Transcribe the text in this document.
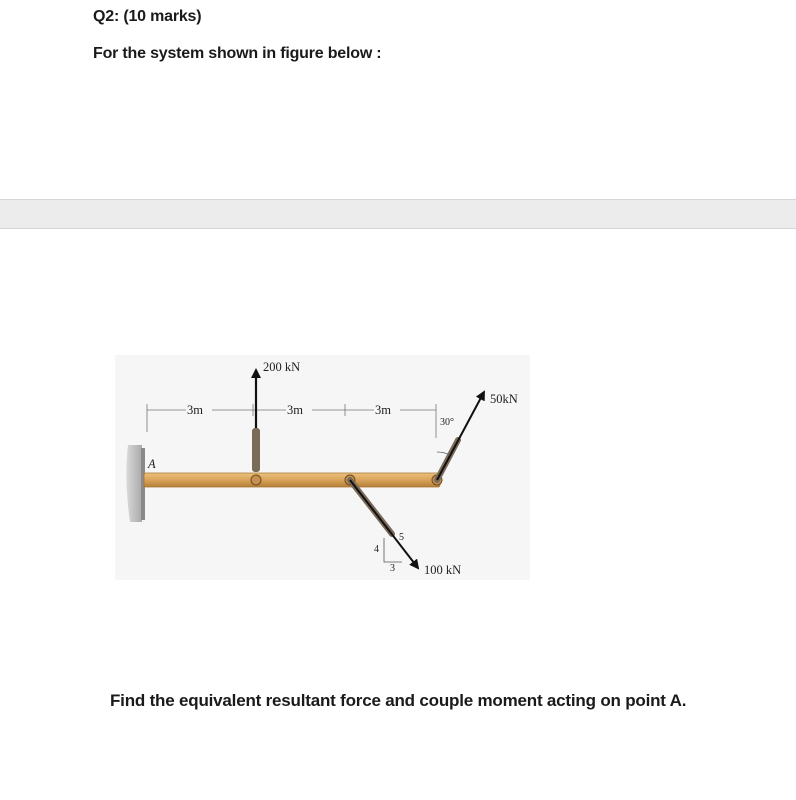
Q2: (10 marks)
For the system shown in figure below :
A
3m	3m	3m
200 kN
50kN
30°
100 kN
4
3
5
Find the equivalent resultant force and couple moment acting on point A.
